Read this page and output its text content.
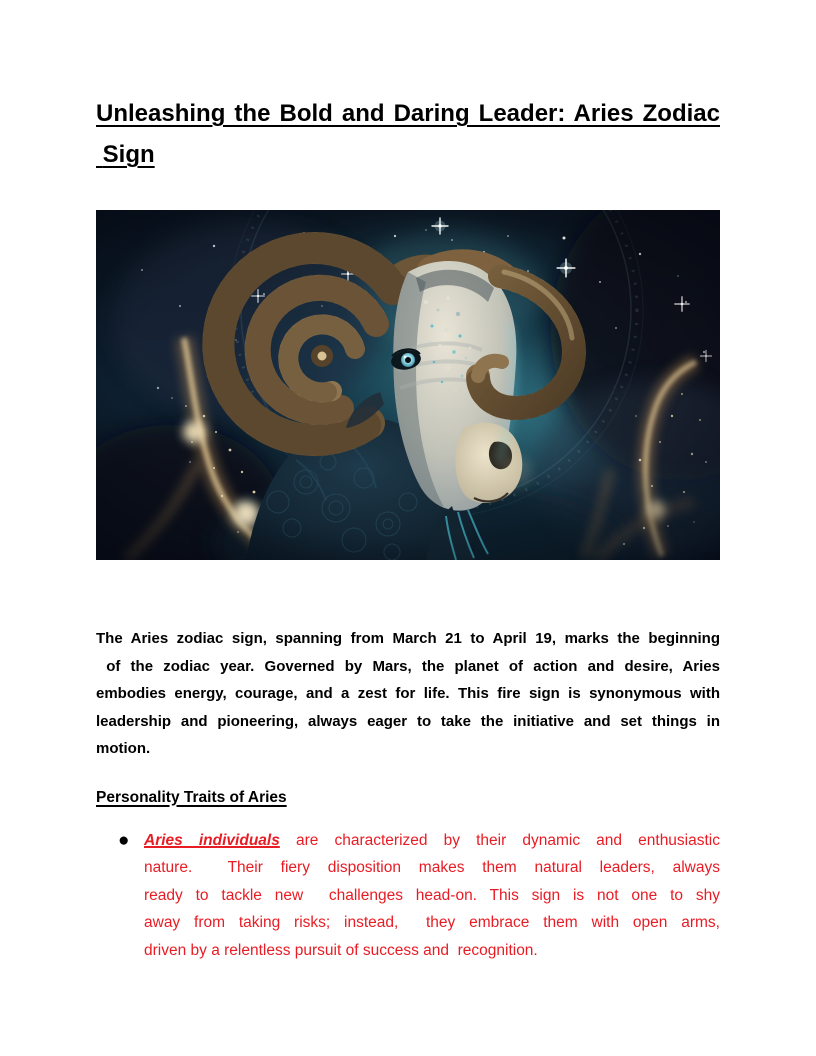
Unleashing the Bold and Daring Leader: Aries Zodiac
Sign
The Aries zodiac sign, spanning from March 21 to April 19, marks the beginning
of the zodiac year. Governed by Mars, the planet of action and desire, Aries
embodies energy, courage, and a zest for life. This fire sign is synonymous with
leadership and pioneering, always eager to take the initiative and set things in
motion.
Personality Traits of Aries
● Aries individuals are characterized by their dynamic and enthusiastic
nature.  Their fiery disposition makes them natural leaders, always
ready to tackle new  challenges head-on. This sign is not one to shy
away from taking risks; instead,  they embrace them with open arms,
driven by a relentless pursuit of success and  recognition.
